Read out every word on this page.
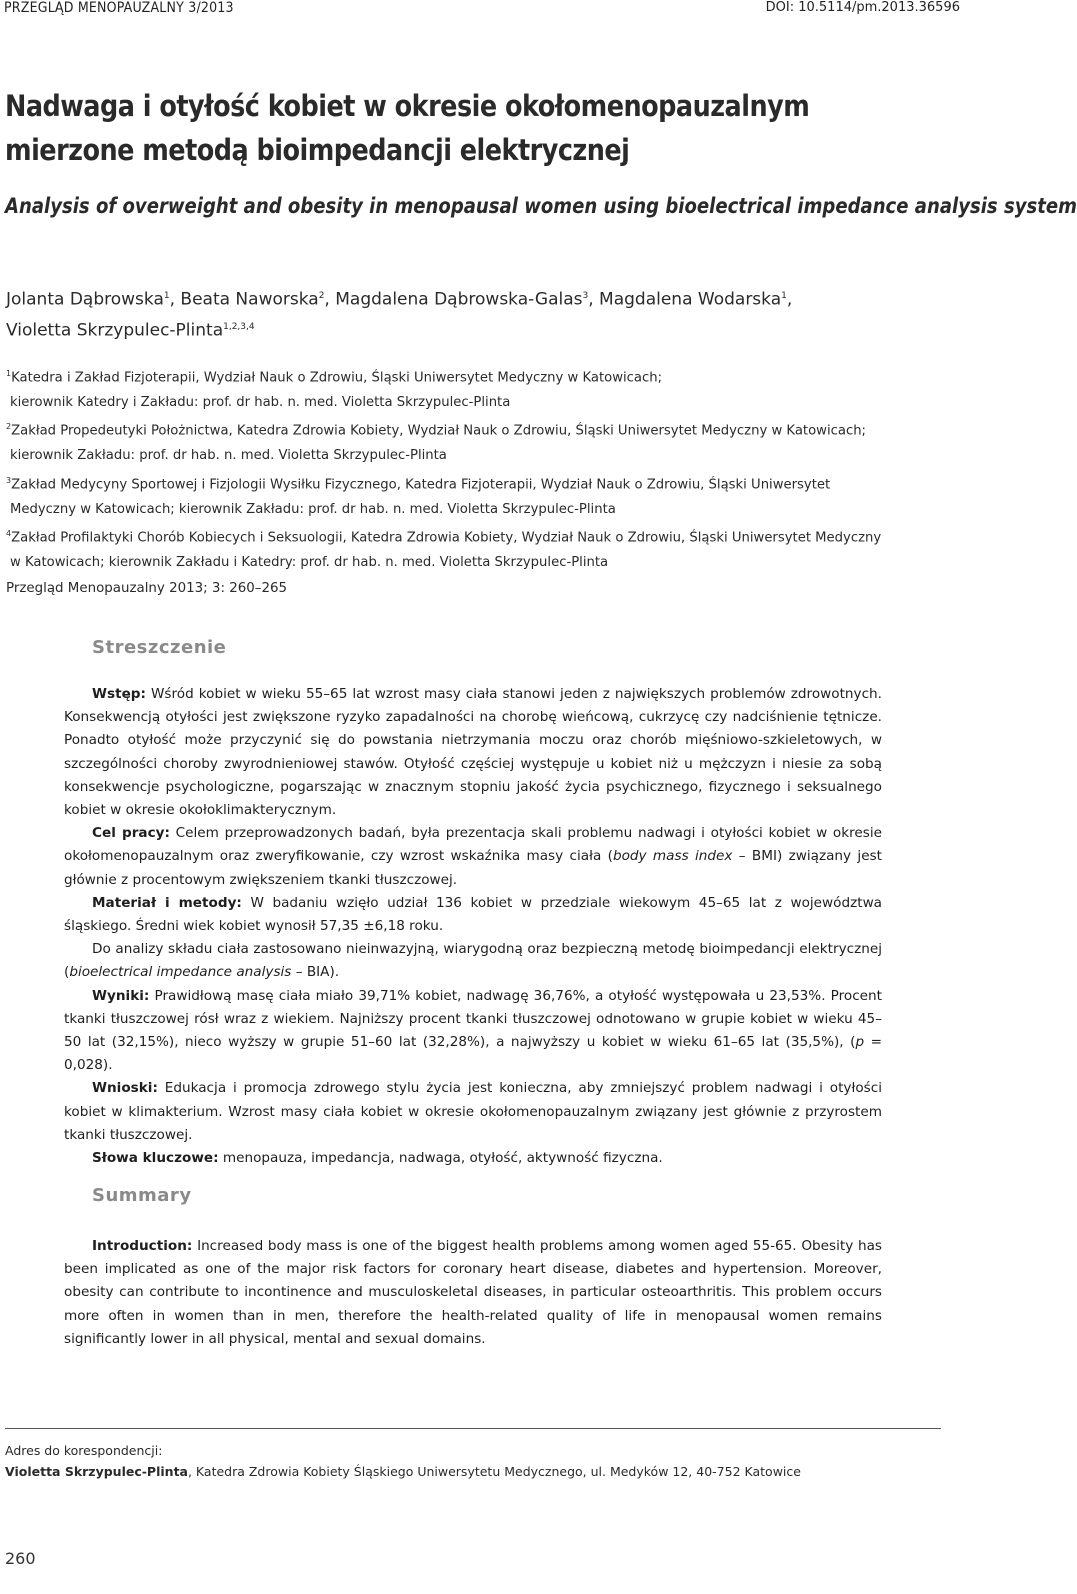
PRZEGLĄD MENOPAUZALNY 3/2013	DOI: 10.5114/pm.2013.36596
Nadwaga i otyłość kobiet w okresie okołomenopauzalnym mierzone metodą bioimpedancji elektrycznej
Analysis of overweight and obesity in menopausal women using bioelectrical impedance analysis system
Jolanta Dąbrowska$^1$, Beata Naworska$^2$, Magdalena Dąbrowska-Galas$^3$, Magdalena Wodarska$^1$,
Violetta Skrzypulec-Plinta$^{1,2,3,4}$
$^1$Katedra i Zakład Fizjoterapii, Wydział Nauk o Zdrowiu, Śląski Uniwersytet Medyczny w Katowicach;
kierownik Katedry i Zakładu: prof. dr hab. n. med. Violetta Skrzypulec-Plinta
$^2$Zakład Propedeutyki Położnictwa, Katedra Zdrowia Kobiety, Wydział Nauk o Zdrowiu, Śląski Uniwersytet Medyczny w Katowicach;
kierownik Zakładu: prof. dr hab. n. med. Violetta Skrzypulec-Plinta
$^3$Zakład Medycyny Sportowej i Fizjologii Wysiłku Fizycznego, Katedra Fizjoterapii, Wydział Nauk o Zdrowiu, Śląski Uniwersytet
Medyczny w Katowicach; kierownik Zakładu: prof. dr hab. n. med. Violetta Skrzypulec-Plinta
$^4$Zakład Profilaktyki Chorób Kobiecych i Seksuologii, Katedra Zdrowia Kobiety, Wydział Nauk o Zdrowiu, Śląski Uniwersytet Medyczny
w Katowicach; kierownik Zakładu i Katedry: prof. dr hab. n. med. Violetta Skrzypulec-Plinta
Przegląd Menopauzalny 2013; 3: 260–265
Streszczenie

Wstęp: Wśród kobiet w wieku 55–65 lat wzrost masy ciała stanowi jeden z największych problemów zdrowotnych. Konsekwencją otyłości jest zwiększone ryzyko zapadalności na chorobę wieńcową, cukrzycę czy nadciśnienie tętnicze. Ponadto otyłość może przyczynić się do powstania nietrzymania moczu oraz chorób mięśniowo-szkieletowych, w szczególności choroby zwyrodnieniowej stawów. Otyłość częściej występuje u kobiet niż u mężczyzn i niesie za sobą konsekwencje psychologiczne, pogarszając w znacznym stopniu jakość życia psychicznego, fizycznego i seksualnego kobiet w okresie okołoklimakterycznym.

Cel pracy: Celem przeprowadzonych badań, była prezentacja skali problemu nadwagi i otyłości kobiet w okresie okołomenopauzalnym oraz zweryfikowanie, czy wzrost wskaźnika masy ciała (body mass index – BMI) związany jest głównie z procentowym zwiększeniem tkanki tłuszczowej.

Materiał i metody: W badaniu wzięło udział 136 kobiet w przedziale wiekowym 45–65 lat z województwa śląskiego. Średni wiek kobiet wynosił 57,35 ±6,18 roku.

Do analizy składu ciała zastosowano nieinwazyjną, wiarygodną oraz bezpieczną metodę bioimpedancji elektrycznej (bioelectrical impedance analysis – BIA).

Wyniki: Prawidłową masę ciała miało 39,71% kobiet, nadwagę 36,76%, a otyłość występowała u 23,53%. Procent tkanki tłuszczowej rósł wraz z wiekiem. Najniższy procent tkanki tłuszczowej odnotowano w grupie kobiet w wieku 45–50 lat (32,15%), nieco wyższy w grupie 51–60 lat (32,28%), a najwyższy u kobiet w wieku 61–65 lat (35,5%), (p = 0,028).

Wnioski: Edukacja i promocja zdrowego stylu życia jest konieczna, aby zmniejszyć problem nadwagi i otyłości kobiet w klimakterium. Wzrost masy ciała kobiet w okresie okołomenopauzalnym związany jest głównie z przyrostem tkanki tłuszczowej.

Słowa kluczowe: menopauza, impedancja, nadwaga, otyłość, aktywność fizyczna.

Summary

Introduction: Increased body mass is one of the biggest health problems among women aged 55-65. Obesity has been implicated as one of the major risk factors for coronary heart disease, diabetes and hypertension. Moreover, obesity can contribute to incontinence and musculoskeletal diseases, in particular osteoarthritis. This problem occurs more often in women than in men, therefore the health-related quality of life in menopausal women remains significantly lower in all physical, mental and sexual domains.

Adres do korespondencji:
Violetta Skrzypulec-Plinta, Katedra Zdrowia Kobiety Śląskiego Uniwersytetu Medycznego, ul. Medyków 12, 40-752 Katowice
260
